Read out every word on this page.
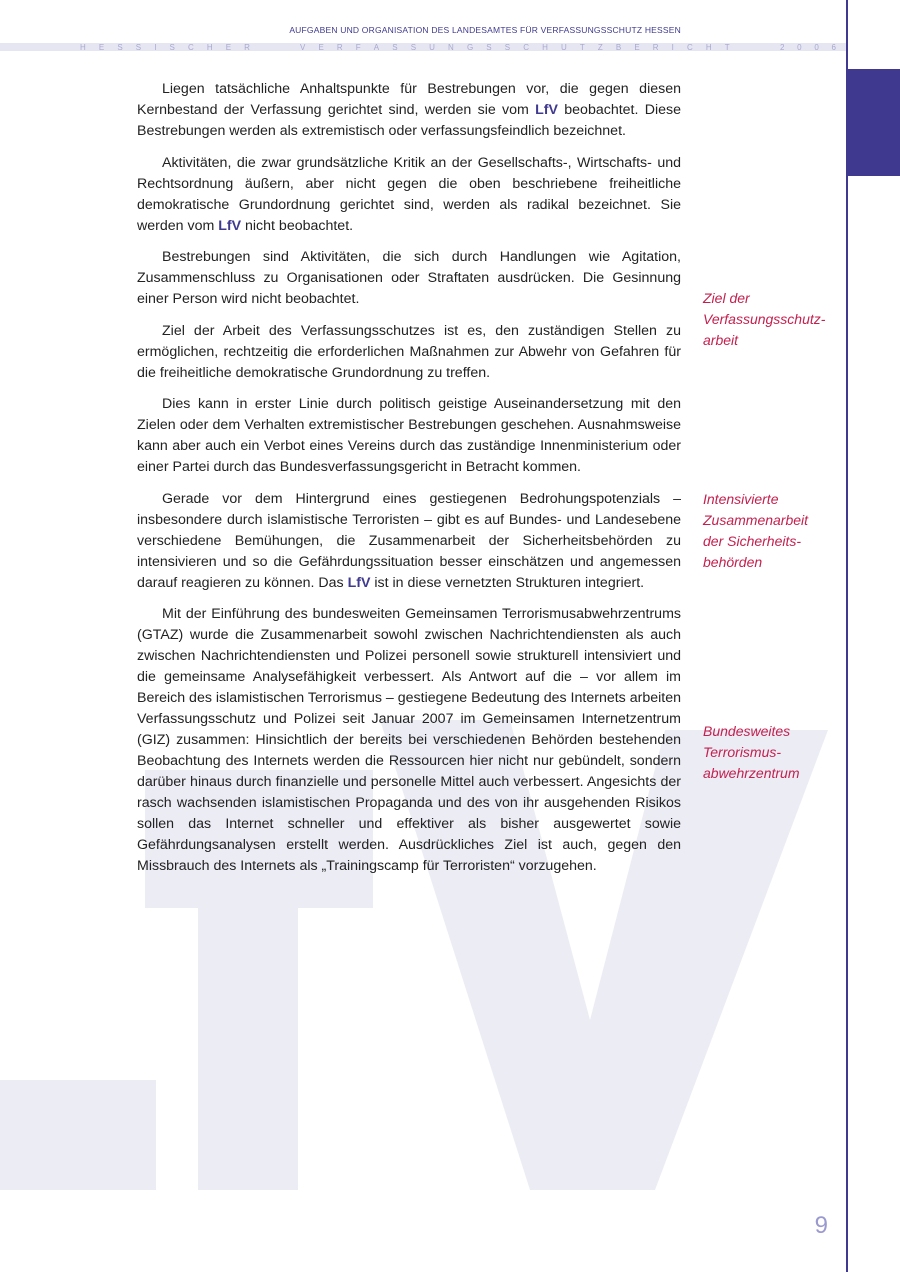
AUFGABEN UND ORGANISATION DES LANDESAMTES FÜR VERFASSUNGSSCHUTZ HESSEN
H E S S I S C H E R	V E R F A S S U N G S S C H U T Z B E R I C H T	2 0 0 6

Liegen tatsächliche Anhaltspunkte für Bestrebungen vor, die gegen diesen Kernbestand der Verfassung gerichtet sind, werden sie vom LfV beobachtet. Diese Bestrebungen werden als extremistisch oder verfassungsfeindlich bezeichnet.

Aktivitäten, die zwar grundsätzliche Kritik an der Gesellschafts-, Wirtschafts- und Rechtsordnung äußern, aber nicht gegen die oben beschriebene freiheitliche demokratische Grundordnung gerichtet sind, werden als radikal bezeichnet. Sie werden vom LfV nicht beobachtet.

Bestrebungen sind Aktivitäten, die sich durch Handlungen wie Agitation, Zusammenschluss zu Organisationen oder Straftaten ausdrücken. Die Gesinnung einer Person wird nicht beobachtet.

Ziel der Arbeit des Verfassungsschutzes ist es, den zuständigen Stellen zu ermöglichen, rechtzeitig die erforderlichen Maßnahmen zur Abwehr von Gefahren für die freiheitliche demokratische Grundordnung zu treffen.

Dies kann in erster Linie durch politisch geistige Auseinandersetzung mit den Zielen oder dem Verhalten extremistischer Bestrebungen geschehen. Ausnahmsweise kann aber auch ein Verbot eines Vereins durch das zuständige Innenministerium oder einer Partei durch das Bundesverfassungsgericht in Betracht kommen.

Gerade vor dem Hintergrund eines gestiegenen Bedrohungspotenzials – insbesondere durch islamistische Terroristen – gibt es auf Bundes- und Landesebene verschiedene Bemühungen, die Zusammenarbeit der Sicherheitsbehörden zu intensivieren und so die Gefährdungssituation besser einschätzen und angemessen darauf reagieren zu können. Das LfV ist in diese vernetzten Strukturen integriert.

Mit der Einführung des bundesweiten Gemeinsamen Terrorismusabwehrzentrums (GTAZ) wurde die Zusammenarbeit sowohl zwischen Nachrichtendiensten als auch zwischen Nachrichtendiensten und Polizei personell sowie strukturell intensiviert und die gemeinsame Analysefähigkeit verbessert. Als Antwort auf die – vor allem im Bereich des islamistischen Terrorismus – gestiegene Bedeutung des Internets arbeiten Verfassungsschutz und Polizei seit Januar 2007 im Gemeinsamen Internetzentrum (GIZ) zusammen: Hinsichtlich der bereits bei verschiedenen Behörden bestehenden Beobachtung des Internets werden die Ressourcen hier nicht nur gebündelt, sondern darüber hinaus durch finanzielle und personelle Mittel auch verbessert. Angesichts der rasch wachsenden islamistischen Propaganda und des von ihr ausgehenden Risikos sollen das Internet schneller und effektiver als bisher ausgewertet sowie Gefährdungsanalysen erstellt werden. Ausdrückliches Ziel ist auch, gegen den Missbrauch des Internets als „Trainingscamp für Terroristen“ vorzugehen.

Ziel der
Verfassungsschutz-
arbeit
Intensivierte
Zusammenarbeit
der Sicherheits-
behörden
Bundesweites
Terrorismus-
abwehrzentrum
9
